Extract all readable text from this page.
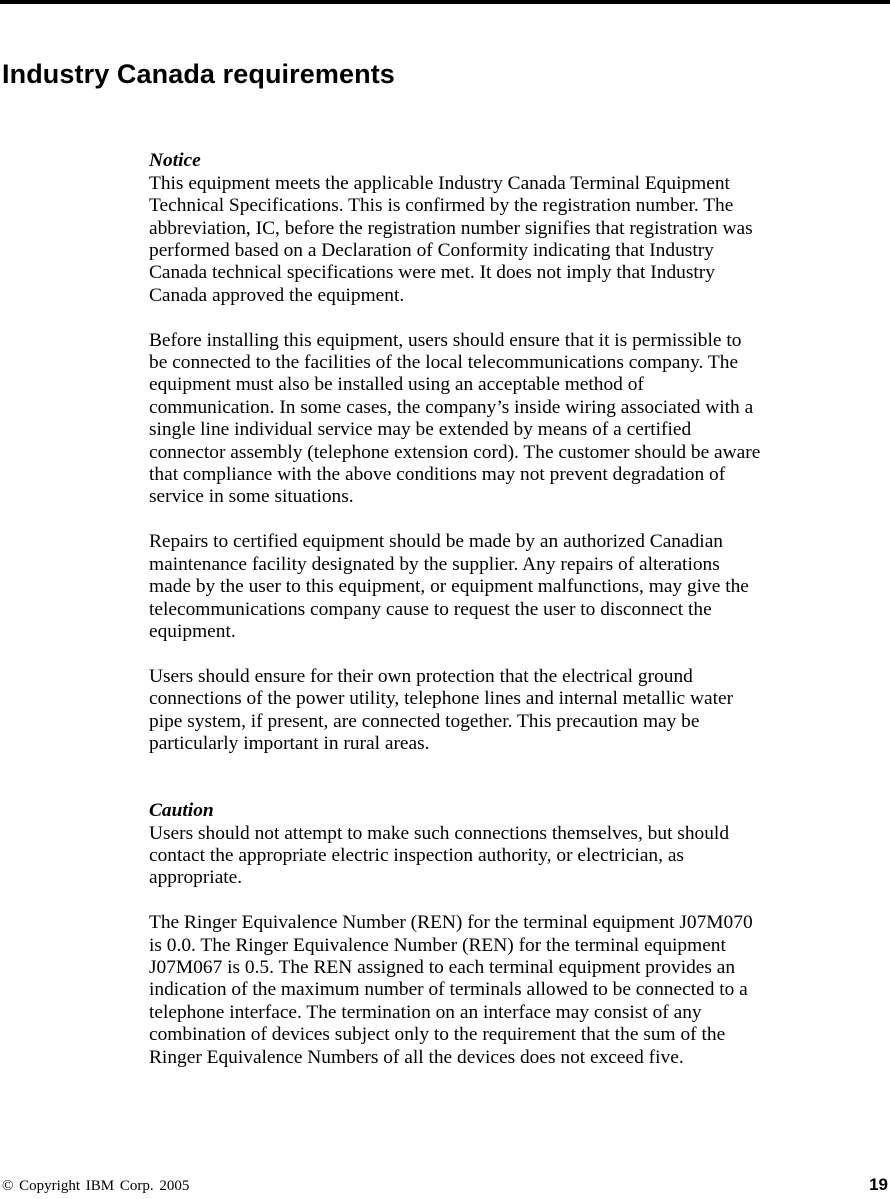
Industry Canada requirements

Notice
This equipment meets the applicable Industry Canada Terminal Equipment
Technical Specifications. This is confirmed by the registration number. The
abbreviation, IC, before the registration number signifies that registration was
performed based on a Declaration of Conformity indicating that Industry
Canada technical specifications were met. It does not imply that Industry
Canada approved the equipment.

Before installing this equipment, users should ensure that it is permissible to
be connected to the facilities of the local telecommunications company. The
equipment must also be installed using an acceptable method of
communication. In some cases, the company’s inside wiring associated with a
single line individual service may be extended by means of a certified
connector assembly (telephone extension cord). The customer should be aware
that compliance with the above conditions may not prevent degradation of
service in some situations.

Repairs to certified equipment should be made by an authorized Canadian
maintenance facility designated by the supplier. Any repairs of alterations
made by the user to this equipment, or equipment malfunctions, may give the
telecommunications company cause to request the user to disconnect the
equipment.

Users should ensure for their own protection that the electrical ground
connections of the power utility, telephone lines and internal metallic water
pipe system, if present, are connected together. This precaution may be
particularly important in rural areas.

Caution
Users should not attempt to make such connections themselves, but should
contact the appropriate electric inspection authority, or electrician, as
appropriate.

The Ringer Equivalence Number (REN) for the terminal equipment J07M070
is 0.0. The Ringer Equivalence Number (REN) for the terminal equipment
J07M067 is 0.5. The REN assigned to each terminal equipment provides an
indication of the maximum number of terminals allowed to be connected to a
telephone interface. The termination on an interface may consist of any
combination of devices subject only to the requirement that the sum of the
Ringer Equivalence Numbers of all the devices does not exceed five.

© Copyright IBM Corp. 2005	19
